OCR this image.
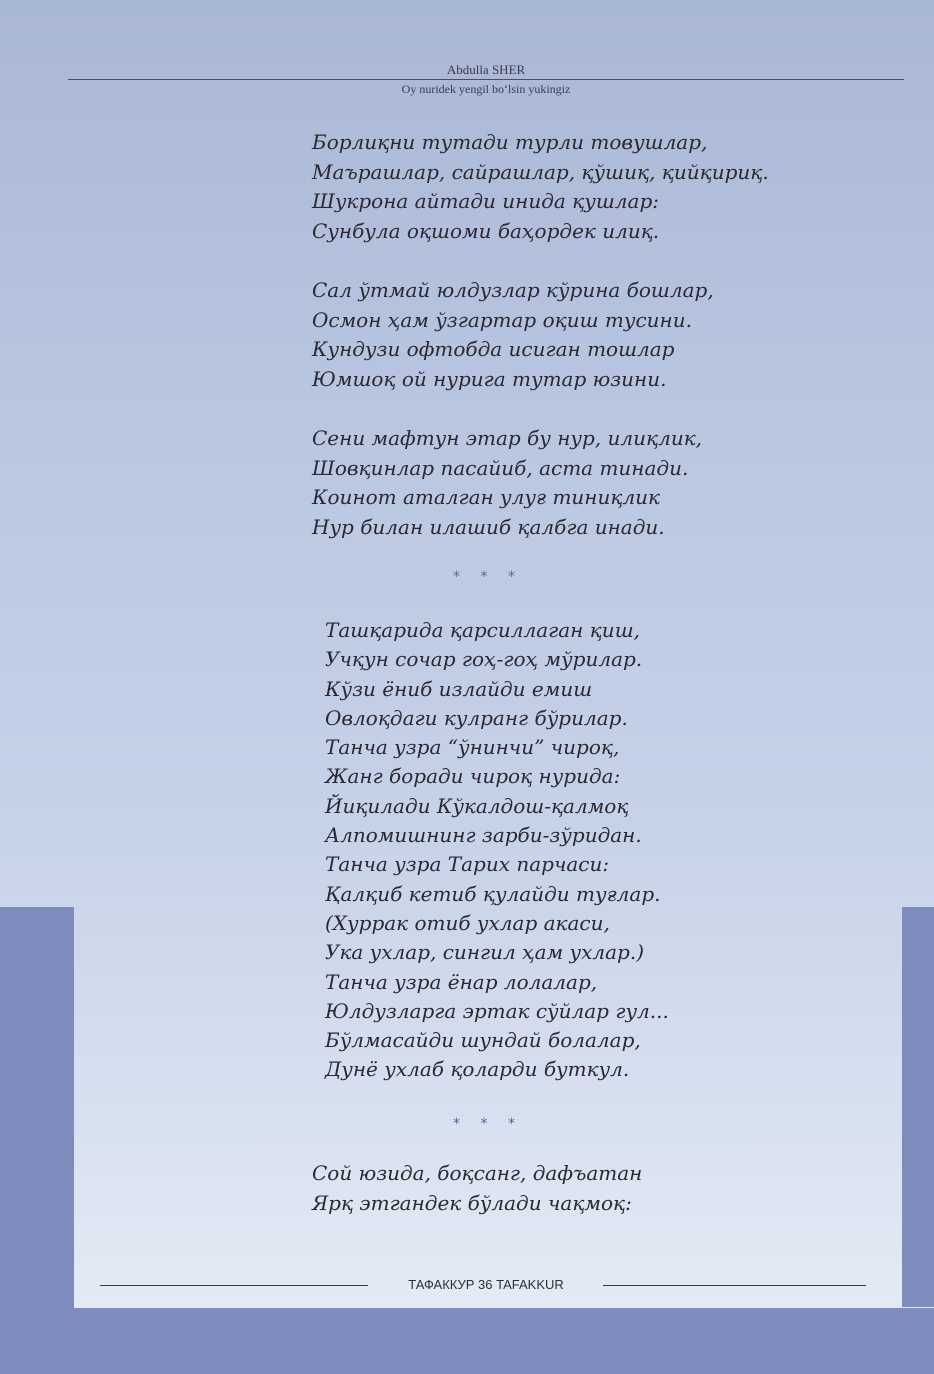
Abdulla SHER
Oy nuridek yengil bo‘lsin yukingiz
Борлиқни тутади турли товушлар,
Маърашлар, сайрашлар, қўшиқ, қийқириқ.
Шукрона айтади инида қушлар:
Сунбула оқшоми баҳордек илиқ.
Сал ўтмай юлдузлар кўрина бошлар,
Осмон ҳам ўзгартар оқиш тусини.
Кундузи офтобда исиган тошлар
Юмшоқ ой нурига тутар юзини.
Сени мафтун этар бу нур, илиқлик,
Шовқинлар пасайиб, аста тинади.
Коинот аталган улуғ тиниқлик
Нур билан илашиб қалбга инади.
* * *
Ташқарида қарсиллаган қиш,
Учқун сочар гоҳ-гоҳ мўрилар.
Кўзи ёниб излайди емиш
Овлоқдаги кулранг бўрилар.
Танча узра “ўнинчи” чироқ,
Жанг боради чироқ нурида:
Йиқилади Кўкалдош-қалмоқ
Алпомишнинг зарби-зўридан.
Танча узра Тарих парчаси:
Қалқиб кетиб қулайди туғлар.
(Хуррак отиб ухлар акаси,
Ука ухлар, сингил ҳам ухлар.)
Танча узра ёнар лолалар,
Юлдузларга эртак сўйлар гул...
Бўлмасайди шундай болалар,
Дунё ухлаб қоларди буткул.
* * *
Сой юзида, боқсанг, дафъатан
Ярқ этгандек бўлади чақмоқ:
ТАФАККУР 36 TAFAKKUR
